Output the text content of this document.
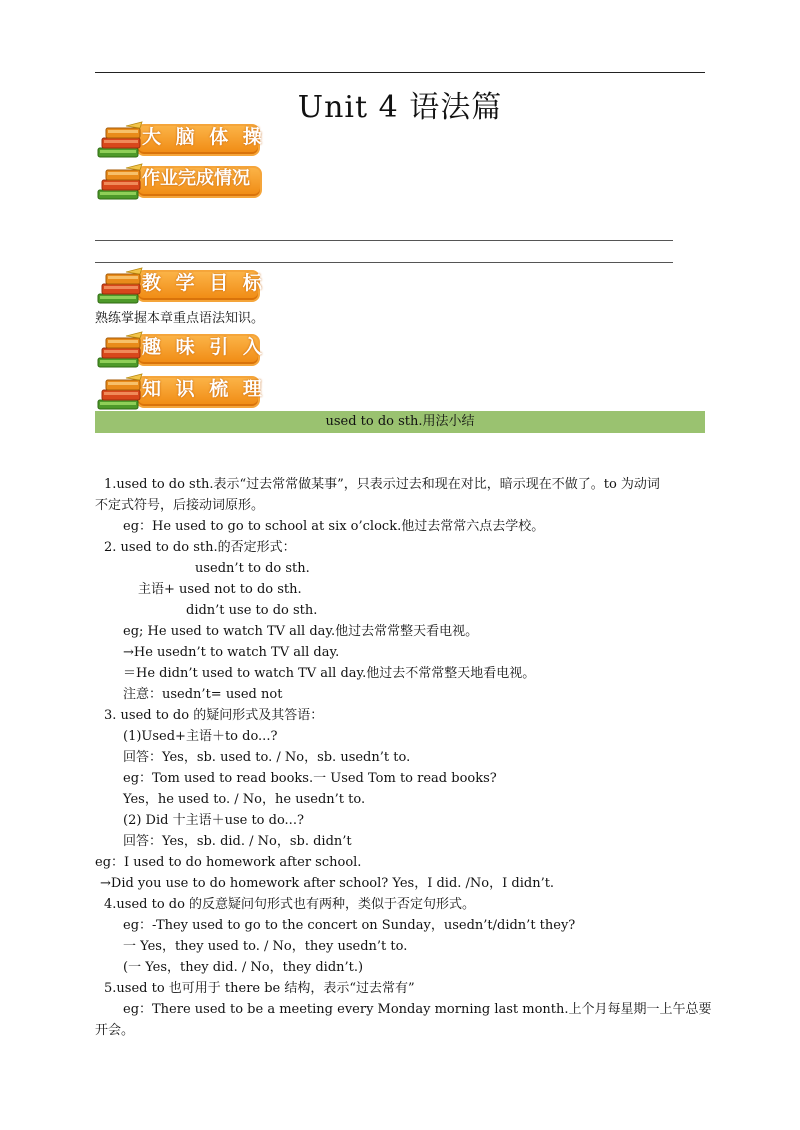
Unit 4 语法篇
大 脑 体 操
作业完成情况
教 学 目 标
熟练掌握本章重点语法知识。
趣 味 引 入
知 识 梳 理
used to do sth.用法小结
1.used to do sth.表示“过去常常做某事”，只表示过去和现在对比，暗示现在不做了。to 为动词
不定式符号，后接动词原形。
eg：He used to go to school at six o’clock.他过去常常六点去学校。
2. used to do sth.的否定形式：
usedn’t to do sth.
主语+ used not to do sth.
didn’t use to do sth.
eg; He used to watch TV all day.他过去常常整天看电视。
→He usedn’t to watch TV all day.
＝He didn’t used to watch TV all day.他过去不常常整天地看电视。
注意：usedn’t= used not
3. used to do 的疑问形式及其答语：
(1)Used+主语＋to do...?
回答：Yes，sb. used to. / No，sb. usedn’t to.
eg：Tom used to read books.一 Used Tom to read books?
Yes，he used to. / No，he usedn’t to.
(2) Did 十主语＋use to do...?
回答：Yes，sb. did. / No，sb. didn’t
eg：I used to do homework after school.
→Did you use to do homework after school? Yes，I did. /No，I didn’t.
4.used to do 的反意疑问句形式也有两种，类似于否定句形式。
eg：-They used to go to the concert on Sunday，usedn’t/didn’t they?
一 Yes，they used to. / No，they usedn’t to.
(一 Yes，they did. / No，they didn’t.)
5.used to 也可用于 there be 结构，表示“过去常有”
eg：There used to be a meeting every Monday morning last month.上个月每星期一上午总要
开会。
